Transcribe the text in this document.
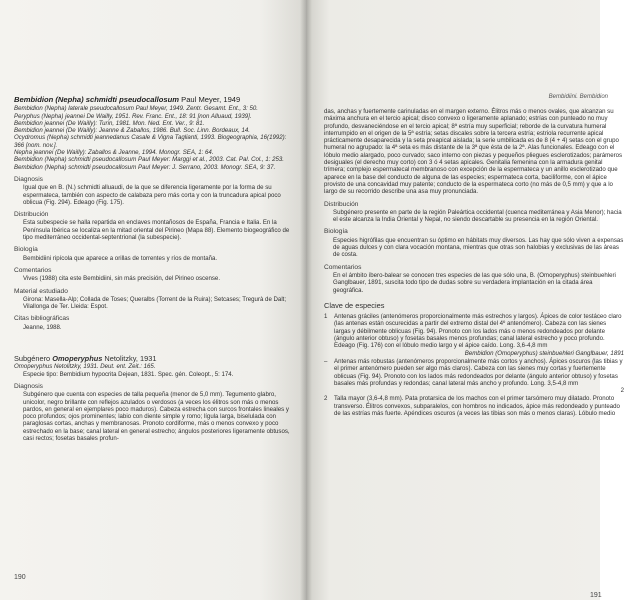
Bembidion (Nepha) schmidti pseudocallosum Paul Meyer, 1949

Bembidion (Nepha) laterale pseudocallosum Paul Meyer, 1949. Zentr. Gesamt. Ent., 3: 50.

Peryphus (Nepha) jeannei De Wailly, 1951. Rev. Franc. Ent., 18: 91 [non Alluaud, 1939].

Bembidion jeannei (De Wailly): Turin, 1981. Mon. Ned. Ent. Ver., 9: 81.

Bembidion jeannei (De Wailly): Jeanne & Zaballos, 1986. Bull. Soc. Linn. Bordeaux, 14.

Ocydromus (Nepha) schmidti jeannedanus Casale & Vigna Taglianti, 1993. Biogeographia, 16(1992): 366 [nom. nov.].

Nepha jeannei (De Wailly): Zaballos & Jeanne, 1994. Monogr. SEA, 1: 64.

Bembidion (Nepha) schmidti pseudocallosum Paul Meyer: Marggi et al., 2003. Cat. Pal. Col., 1: 253.

Bembidion (Nepha) schmidti pseudocallosum Paul Meyer: J. Serrano, 2003. Monogr. SEA, 9: 37.

Diagnosis

Igual que en B. (N.) schmidti alluaudi, de la que se diferencia ligeramente por la forma de su espermateca, también con aspecto de calabaza pero más corta y con la truncadura apical poco oblicua (Fig. 294). Edeago (Fig. 175).

Distribución

Esta subespecie se halla repartida en enclaves montañosos de España, Francia e Italia. En la Península Ibérica se localiza en la mitad oriental del Pirineo (Mapa 88). Elemento biogeográfico de tipo mediterráneo occidental-septentrional (la subespecie).

Biología

Bembidiini ripícola que aparece a orillas de torrentes y ríos de montaña.

Comentarios

Vives (1988) cita este Bembidiini, sin más precisión, del Pirineo oscense.

Material estudiado

Girona: Masella-Alp; Collada de Toses; Queralbs (Torrent de la Ruira); Setcases; Tregurà de Dalt; Vilallonga de Ter. Lleida: Espot.

Citas bibliográficas

Jeanne, 1988.

Subgénero Omoperyphus Netolitzky, 1931

Omoperyphus Netolitzky, 1931. Deut. ent. Zeit.: 165.

Especie tipo: Bembidium hypocrita Dejean, 1831. Spec. gén. Coleopt., 5: 174.

Diagnosis

Subgénero que cuenta con especies de talla pequeña (menor de 5,0 mm). Tegumento glabro, unicolor, negro brillante con reflejos azulados o verdosos (a veces los élitros son más o menos pardos, en general en ejemplares poco maduros). Cabeza estrecha con surcos frontales lineales y poco profundos; ojos prominentes; labio con diente simple y romo; lígula larga, biselulada con paraglosas cortas, anchas y membranosas. Pronoto cordiforme, más o menos convexo y poco estrechado en la base; canal lateral en general estrecho; ángulos posteriores ligeramente obtusos, casi rectos; fosetas basales profun-

190
Bembidiini. Bembidion

das, anchas y fuertemente carinuladas en el margen externo. Élitros más o menos ovales, que alcanzan su máxima anchura en el tercio apical; disco convexo o ligeramente aplanado; estrías con punteado no muy profundo, desvaneciéndose en el tercio apical; 8ª estría muy superficial; reborde de la curvatura humeral interrumpido en el origen de la 5ª estría; setas discales sobre la tercera estría; estriola recurrente apical prácticamente desaparecida y la seta preapical aislada; la serie umbilicada es de 8 (4 + 4) setas con el grupo humeral no agrupado: la 4ª seta es más distante de la 3ª que ésta de la 2ª. Alas funcionales. Edeago con el lóbulo medio alargado, poco curvado; saco interno con piezas y pequeños pliegues esclerotizados; parámeros desiguales (el derecho muy corto) con 3 ó 4 setas apicales. Genitalia femenina con la armadura genital trímera; complejo espermatecal membranoso con excepción de la espermateca y un anillo esclerotizado que aparece en la base del conducto de alguna de las especies; espermateca corta, baciliforme, con el ápice provisto de una concavidad muy patente; conducto de la espermateca corto (no más de 0,5 mm) y que a lo largo de su recorrido describe una asa muy pronunciada.

Distribución

Subgénero presente en parte de la región Paleártica occidental (cuenca mediterránea y Asia Menor); hacia el este alcanza la India Oriental y Nepal, no siendo descartable su presencia en la región Oriental.

Biología

Especies higrófilas que encuentran su óptimo en hábitats muy diversos. Las hay que sólo viven a expensas de aguas dulces y con clara vocación montana, mientras que otras son halobias y exclusivas de las áreas de costa.

Comentarios

En el ámbito íbero-balear se conocen tres especies de las que sólo una, B. (Omoperyphus) steinbuehleri Ganglbauer, 1891, suscita todo tipo de dudas sobre su verdadera implantación en la citada área geográfica.

Clave de especies
1	Antenas gráciles (antenómeros proporcionalmente más estrechos y largos). Ápices de color testáceo claro (las antenas están oscurecidas a partir del extremo distal del 4º antenómero). Cabeza con las sienes largas y débilmente oblicuas (Fig. 94). Pronoto con los lados más o menos redondeados por delante (ángulo anterior obtuso) y fosetas basales menos profundas; canal lateral estrecho y poco profundo. Edeago (Fig. 176) con el lóbulo medio largo y el ápice caído. Long. 3,6-4,8 mm

Bembidion (Omoperyphus) steinbuehleri Ganglbauer, 1891

–	Antenas más robustas (antenómeros proporcionalmente más cortos y anchos). Ápices oscuros (las tibias y el primer antenómero pueden ser algo más claros). Cabeza con las sienes muy cortas y fuertemente oblicuas (Fig. 94). Pronoto con los lados más redondeados por delante (ángulo anterior obtuso) y fosetas basales más profundas y redondas; canal lateral más ancho y profundo. Long. 3,5-4,8 mm

2

2	Talla mayor (3,6-4,8 mm). Pata protarsica de los machos con el primer tarsómero muy dilatado. Pronoto transverso. Élitros convexos, subparalelos, con hombros no indicados, ápice más redondeado y punteado de las estrías más fuerte. Apéndices oscuros (a veces las tibias son más o menos claras). Lóbulo medio

191
